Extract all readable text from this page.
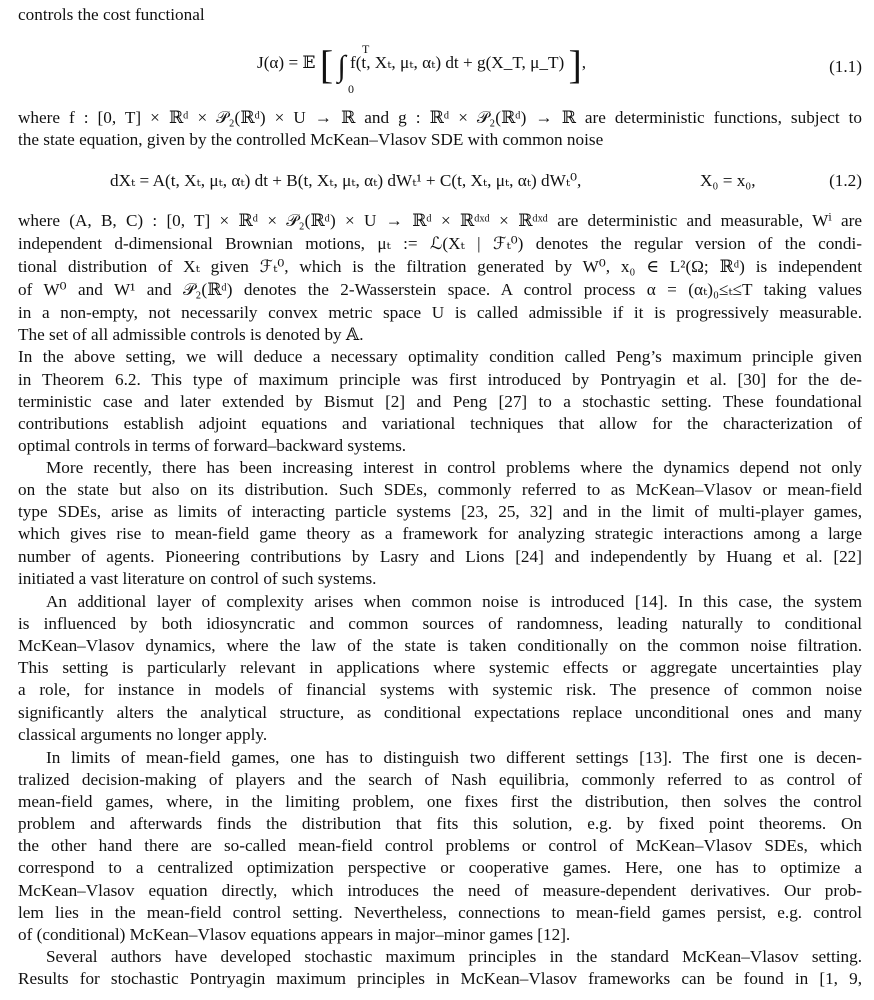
controls the cost functional
J(α) = 𝔼 [ ∫ f(t, Xₜ, μₜ, αₜ) dt + g(X_T, μ_T) ],
T
0
(1.1)
where f : [0, T] × ℝᵈ × 𝒫₂(ℝᵈ) × U → ℝ and g : ℝᵈ × 𝒫₂(ℝᵈ) → ℝ are deterministic functions, subject to
the state equation, given by the controlled McKean–Vlasov SDE with common noise
dXₜ = A(t, Xₜ, μₜ, αₜ) dt + B(t, Xₜ, μₜ, αₜ) dWₜ¹ + C(t, Xₜ, μₜ, αₜ) dWₜ⁰,	X₀ = x₀,	(1.2)
where (A, B, C) : [0, T] × ℝᵈ × 𝒫₂(ℝᵈ) × U → ℝᵈ × ℝᵈˣᵈ × ℝᵈˣᵈ are deterministic and measurable, Wⁱ are
independent d-dimensional Brownian motions, μₜ := ℒ(Xₜ | ℱₜ⁰) denotes the regular version of the condi-
tional distribution of Xₜ given ℱₜ⁰, which is the filtration generated by W⁰, x₀ ∈ L²(Ω; ℝᵈ) is independent
of W⁰ and W¹ and 𝒫₂(ℝᵈ) denotes the 2-Wasserstein space. A control process α = (αₜ)₀≤ₜ≤T taking values
in a non-empty, not necessarily convex metric space U is called admissible if it is progressively measurable.
The set of all admissible controls is denoted by 𝔸.
In the above setting, we will deduce a necessary optimality condition called Peng’s maximum principle given
in Theorem 6.2. This type of maximum principle was first introduced by Pontryagin et al. [30] for the de-
terministic case and later extended by Bismut [2] and Peng [27] to a stochastic setting. These foundational
contributions establish adjoint equations and variational techniques that allow for the characterization of
optimal controls in terms of forward–backward systems.
More recently, there has been increasing interest in control problems where the dynamics depend not only
on the state but also on its distribution. Such SDEs, commonly referred to as McKean–Vlasov or mean-field
type SDEs, arise as limits of interacting particle systems [23, 25, 32] and in the limit of multi-player games,
which gives rise to mean-field game theory as a framework for analyzing strategic interactions among a large
number of agents. Pioneering contributions by Lasry and Lions [24] and independently by Huang et al. [22]
initiated a vast literature on control of such systems.
An additional layer of complexity arises when common noise is introduced [14]. In this case, the system
is influenced by both idiosyncratic and common sources of randomness, leading naturally to conditional
McKean–Vlasov dynamics, where the law of the state is taken conditionally on the common noise filtration.
This setting is particularly relevant in applications where systemic effects or aggregate uncertainties play
a role, for instance in models of financial systems with systemic risk. The presence of common noise
significantly alters the analytical structure, as conditional expectations replace unconditional ones and many
classical arguments no longer apply.
In limits of mean-field games, one has to distinguish two different settings [13]. The first one is decen-
tralized decision-making of players and the search of Nash equilibria, commonly referred to as control of
mean-field games, where, in the limiting problem, one fixes first the distribution, then solves the control
problem and afterwards finds the distribution that fits this solution, e.g. by fixed point theorems. On
the other hand there are so-called mean-field control problems or control of McKean–Vlasov SDEs, which
correspond to a centralized optimization perspective or cooperative games. Here, one has to optimize a
McKean–Vlasov equation directly, which introduces the need of measure-dependent derivatives. Our prob-
lem lies in the mean-field control setting. Nevertheless, connections to mean-field games persist, e.g. control
of (conditional) McKean–Vlasov equations appears in major–minor games [12].
Several authors have developed stochastic maximum principles in the standard McKean–Vlasov setting.
Results for stochastic Pontryagin maximum principles in McKean–Vlasov frameworks can be found in [1, 9,
